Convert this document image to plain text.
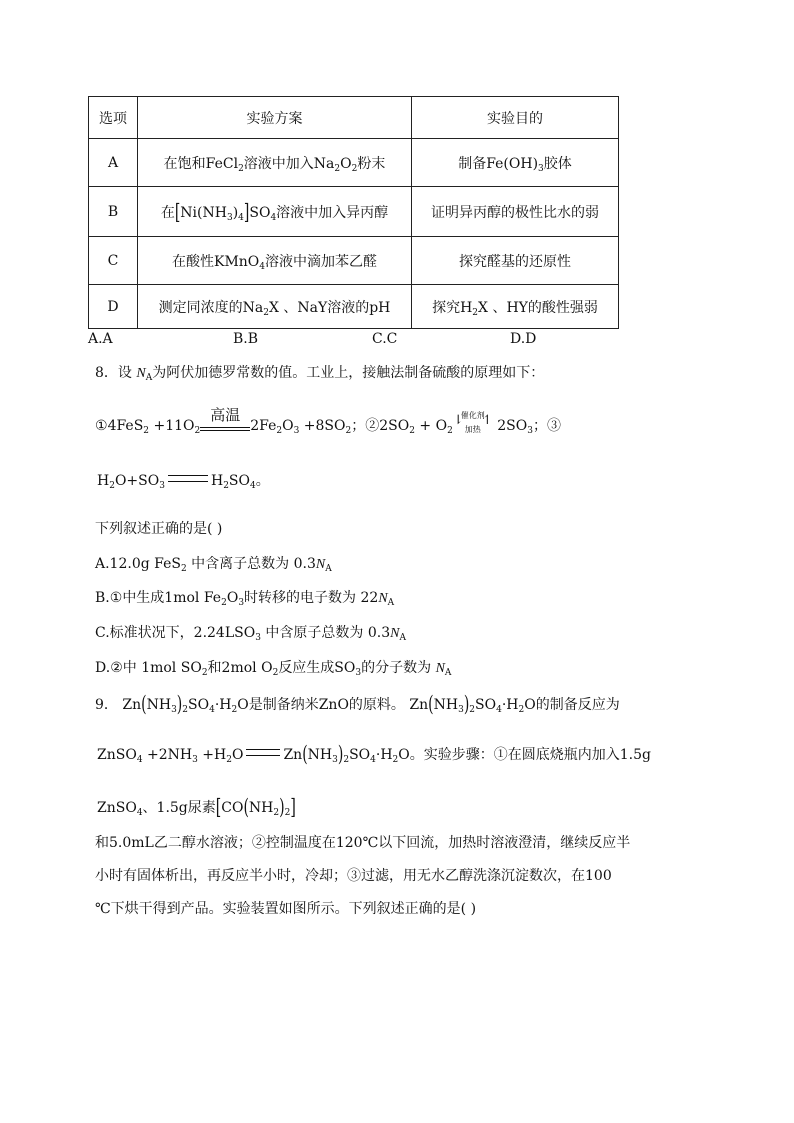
选项	实验方案	实验目的
A	在饱和FeCl$_2$溶液中加入$Na_2O_2$粉末	制备$Fe(OH)_3$胶体
B	在$[Ni(NH_3)_4]SO_4$溶液中加入异丙醇	证明异丙醇的极性比水的弱
C	在酸性KMnO$_4$溶液中滴加苯乙醛	探究醛基的还原性
D	测定同浓度的$Na_2X$ 、NaY溶液的pH	探究$H_2X$ 、HY的酸性强弱
A.A	B.B	C.C	D.D
8．设 $N_A$为阿伏加德罗常数的值。工业上，接触法制备硫酸的原理如下：
①4FeS$_2$ $+11O_2$
高温
$2Fe_2O_3 +8SO_2$；$②2SO_2 + O_2$
⇂
催化剂
加热
↿ $2SO_3$；③
$H_2O+SO_3$	$H_2SO_4$。
下列叙述正确的是( )
A.12.0g FeS$_2$ 中含离子总数为 $0.3N_A$
B.①中生成1mol $Fe_2O_3$时转移的电子数为 $22N_A$
C.标准状况下，$2.24LSO_3$ 中含原子总数为 $0.3N_A$
D.②中 1mol $SO_2$和2mol $O_2$反应生成$SO_3$的分子数为 $N_A$
9． $Zn(NH_3)_2SO_4\cdot H_2O$是制备纳米ZnO的原料。 $Zn(NH_3)_2SO_4\cdot H_2O$的制备反应为
ZnSO$_4$ $+2NH_3 +H_2O$	$Zn(NH_3)_2SO_4\cdot H_2O$。实验步骤：①在圆底烧瓶内加入1.5g
ZnSO$_4$、1.5g尿素$[CO(NH_2)_2]$
和5.0mL乙二醇水溶液；②控制温度在120℃以下回流，加热时溶液澄清，继续反应半
小时有固体析出，再反应半小时，冷却；③过滤，用无水乙醇洗涤沉淀数次，在100
℃下烘干得到产品。实验装置如图所示。下列叙述正确的是( )
